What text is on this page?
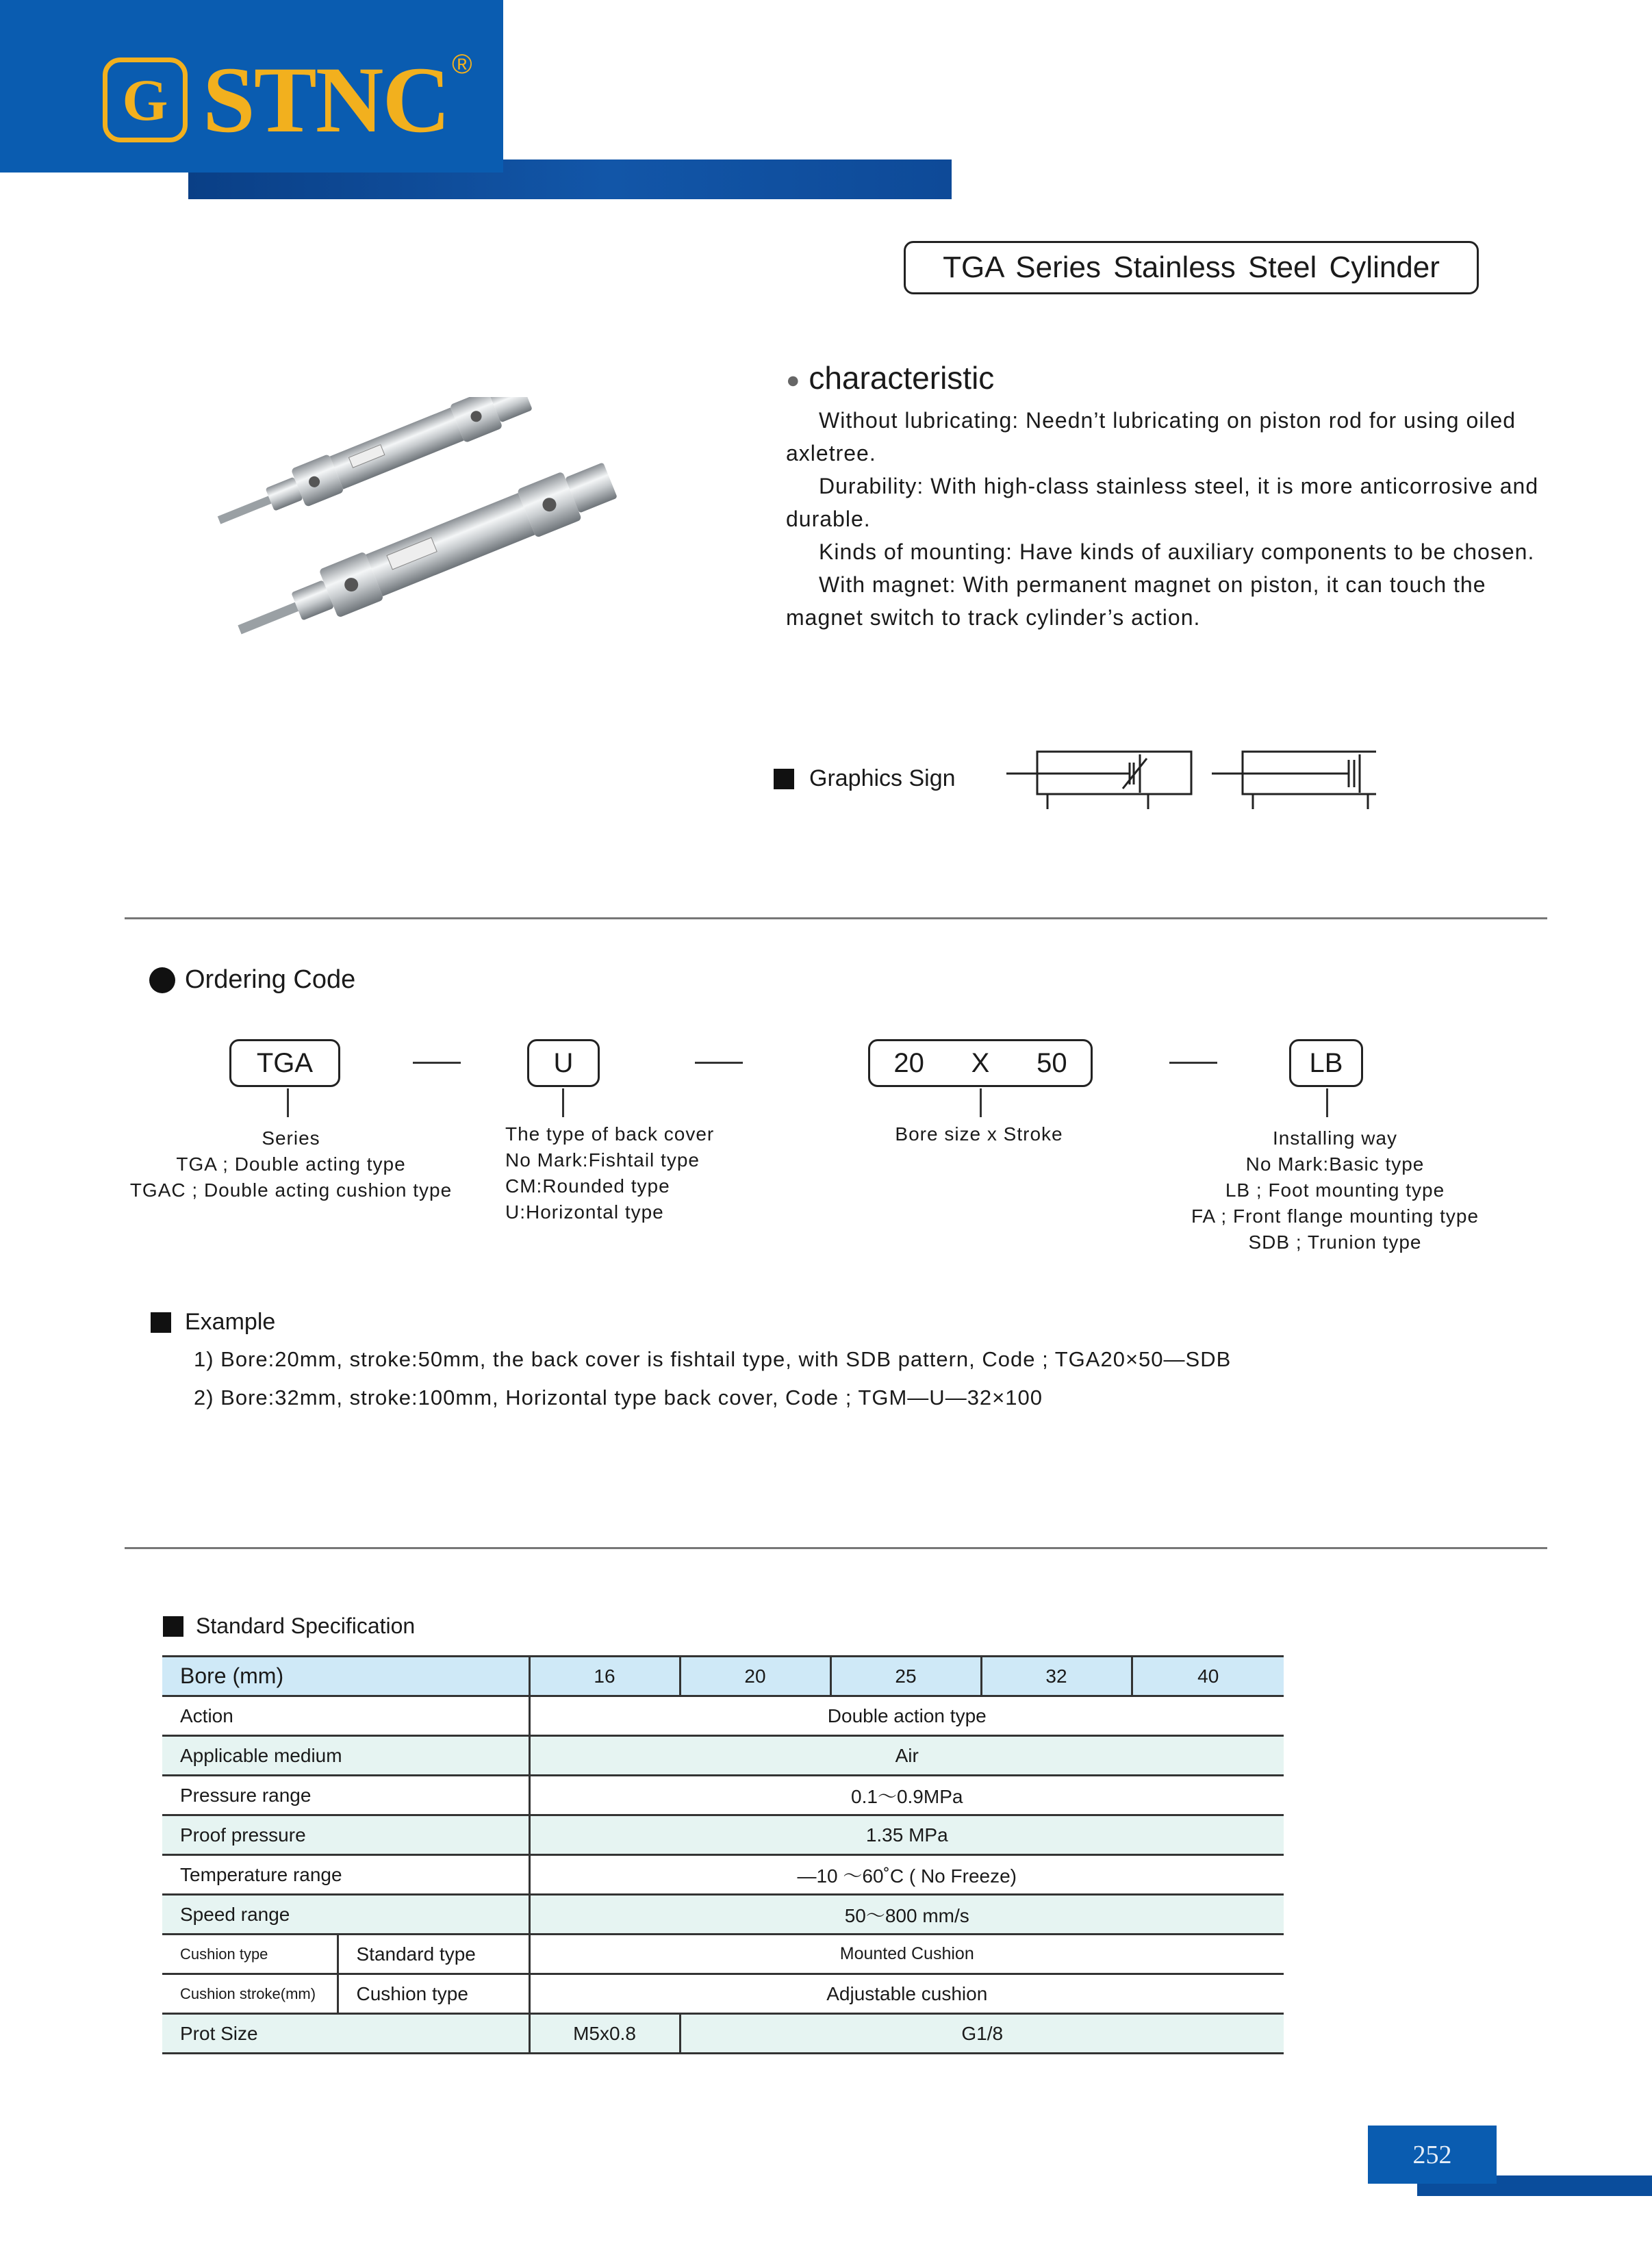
G STNC ®
TGA Series Stainless Steel Cylinder
● characteristic

Without lubricating: Needn’t lubricating on piston rod for using oiled axletree.

Durability: With high-class stainless steel, it is more anticorrosive and durable.

Kinds of mounting: Have kinds of auxiliary components to be chosen.

With magnet: With permanent magnet on piston, it can touch the magnet switch to track cylinder’s action.

Graphics Sign
Ordering Code
TGA	U	20 X 50	LB
Series
TGA ; Double acting type
TGAC ; Double acting cushion type
The type of back cover
No Mark:Fishtail type
CM:Rounded type
U:Horizontal type
Bore size x Stroke	Installing way
No Mark:Basic type
LB ; Foot mounting type
FA ; Front flange mounting type
SDB ; Trunion type
Example
1) Bore:20mm, stroke:50mm, the back cover is fishtail type, with SDB pattern, Code ; TGA20×50—SDB
2) Bore:32mm, stroke:100mm, Horizontal type back cover, Code ; TGM—U—32×100
Standard Specification
Bore (mm)		16	20	25	32	40
Action		Double action type				
Applicable medium		Air				
Pressure range		0.1～0.9MPa				
Proof pressure		1.35 MPa				
Temperature range		—10 ～60˚C ( No Freeze)				
Speed range		50～800 mm/s				
Cushion type	Standard type	Mounted Cushion				
Cushion stroke(mm)	Cushion type	Adjustable cushion				
Prot Size		M5x0.8	G1/8			
252
